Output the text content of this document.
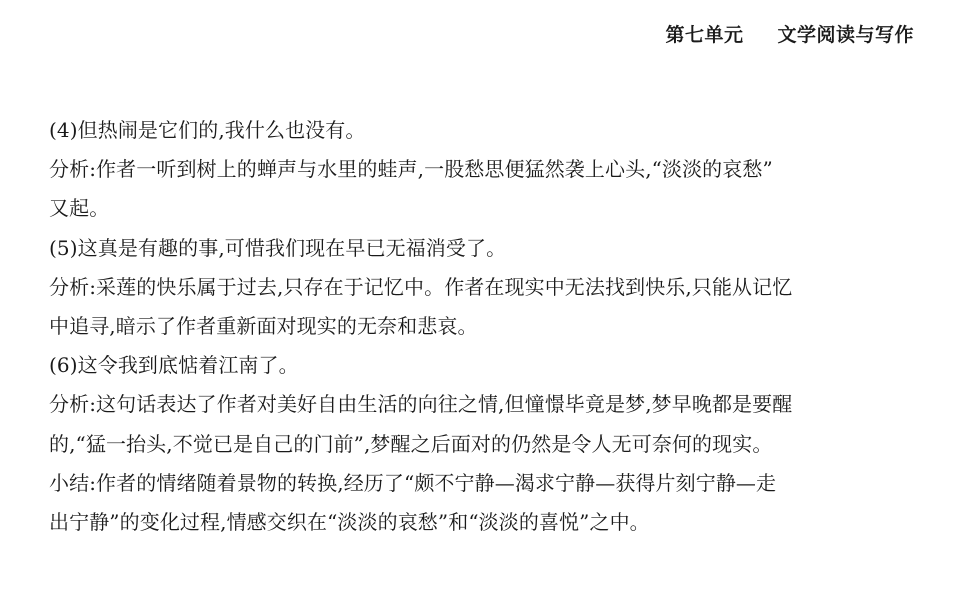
第七单元 文学阅读与写作
(4)但热闹是它们的,我什么也没有。
分析:作者一听到树上的蝉声与水里的蛙声,一股愁思便猛然袭上心头,“淡淡的哀愁”
又起。
(5)这真是有趣的事,可惜我们现在早已无福消受了。
分析:采莲的快乐属于过去,只存在于记忆中。作者在现实中无法找到快乐,只能从记忆
中追寻,暗示了作者重新面对现实的无奈和悲哀。
(6)这令我到底惦着江南了。
分析:这句话表达了作者对美好自由生活的向往之情,但憧憬毕竟是梦,梦早晚都是要醒
的,“猛一抬头,不觉已是自己的门前”,梦醒之后面对的仍然是令人无可奈何的现实。
小结:作者的情绪随着景物的转换,经历了“颇不宁静—渴求宁静—获得片刻宁静—走
出宁静”的变化过程,情感交织在“淡淡的哀愁”和“淡淡的喜悦”之中。
